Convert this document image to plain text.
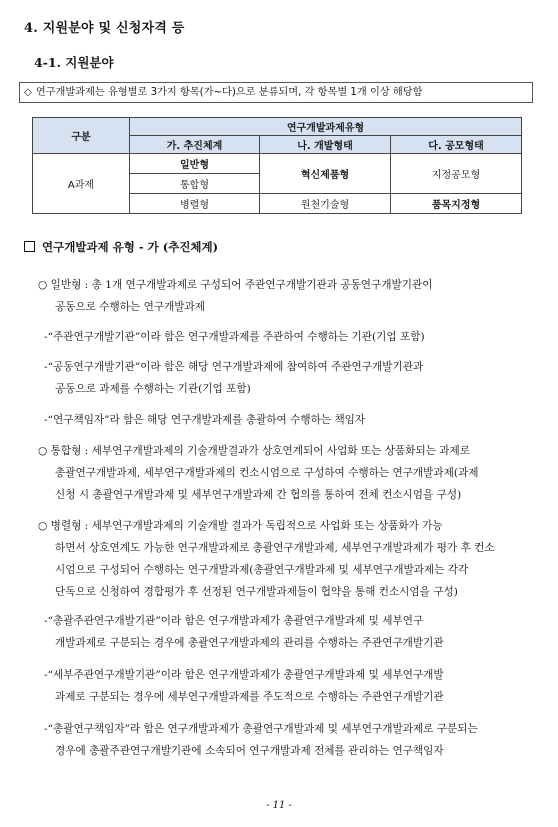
4. 지원분야 및 신청자격 등
4-1. 지원분야
◇ 연구개발과제는 유형별로 3가지 항목(가~다)으로 분류되며, 각 항목별 1개 이상 해당함
구분	연구개발과제유형		
	가. 추진체계	나. 개발형태	다. 공모형태
A과제	일반형	혁신제품형	지정공모형
	통합형		
	병렬형	원천기술형	품목지정형
연구개발과제 유형 - 가 (추진체계)
○ 일반형 : 총 1개 연구개발과제로 구성되어 주관연구개발기관과 공동연구개발기관이
공동으로 수행하는 연구개발과제
-“주관연구개발기관”이라 함은 연구개발과제를 주관하여 수행하는 기관(기업 포함)
-“공동연구개발기관”이라 함은 해당 연구개발과제에 참여하여 주관연구개발기관과
공동으로 과제를 수행하는 기관(기업 포함)
-“연구책임자”라 함은 해당 연구개발과제를 총괄하여 수행하는 책임자
○ 통합형 : 세부연구개발과제의 기술개발결과가 상호연계되어 사업화 또는 상품화되는 과제로
총괄연구개발과제, 세부연구개발과제의 컨소시엄으로 구성하여 수행하는 연구개발과제(과제
신청 시 총괄연구개발과제 및 세부연구개발과제 간 협의를 통하여 전체 컨소시엄을 구성)
○ 병렬형 : 세부연구개발과제의 기술개발 결과가 독립적으로 사업화 또는 상품화가 가능
하면서 상호연계도 가능한 연구개발과제로 총괄연구개발과제, 세부연구개발과제가 평가 후 컨소
시엄으로 구성되어 수행하는 연구개발과제(총괄연구개발과제 및 세부연구개발과제는 각각
단독으로 신청하여 경합평가 후 선정된 연구개발과제들이 협약을 통해 컨소시엄을 구성)
-“총괄주관연구개발기관”이라 함은 연구개발과제가 총괄연구개발과제 및 세부연구
개발과제로 구분되는 경우에 총괄연구개발과제의 관리를 수행하는 주관연구개발기관
-“세부주관연구개발기관”이라 함은 연구개발과제가 총괄연구개발과제 및 세부연구개발
과제로 구분되는 경우에 세부연구개발과제를 주도적으로 수행하는 주관연구개발기관
-“총괄연구책임자”라 함은 연구개발과제가 총괄연구개발과제 및 세부연구개발과제로 구분되는
경우에 총괄주관연구개발기관에 소속되어 연구개발과제 전체를 관리하는 연구책임자
- 11 -
